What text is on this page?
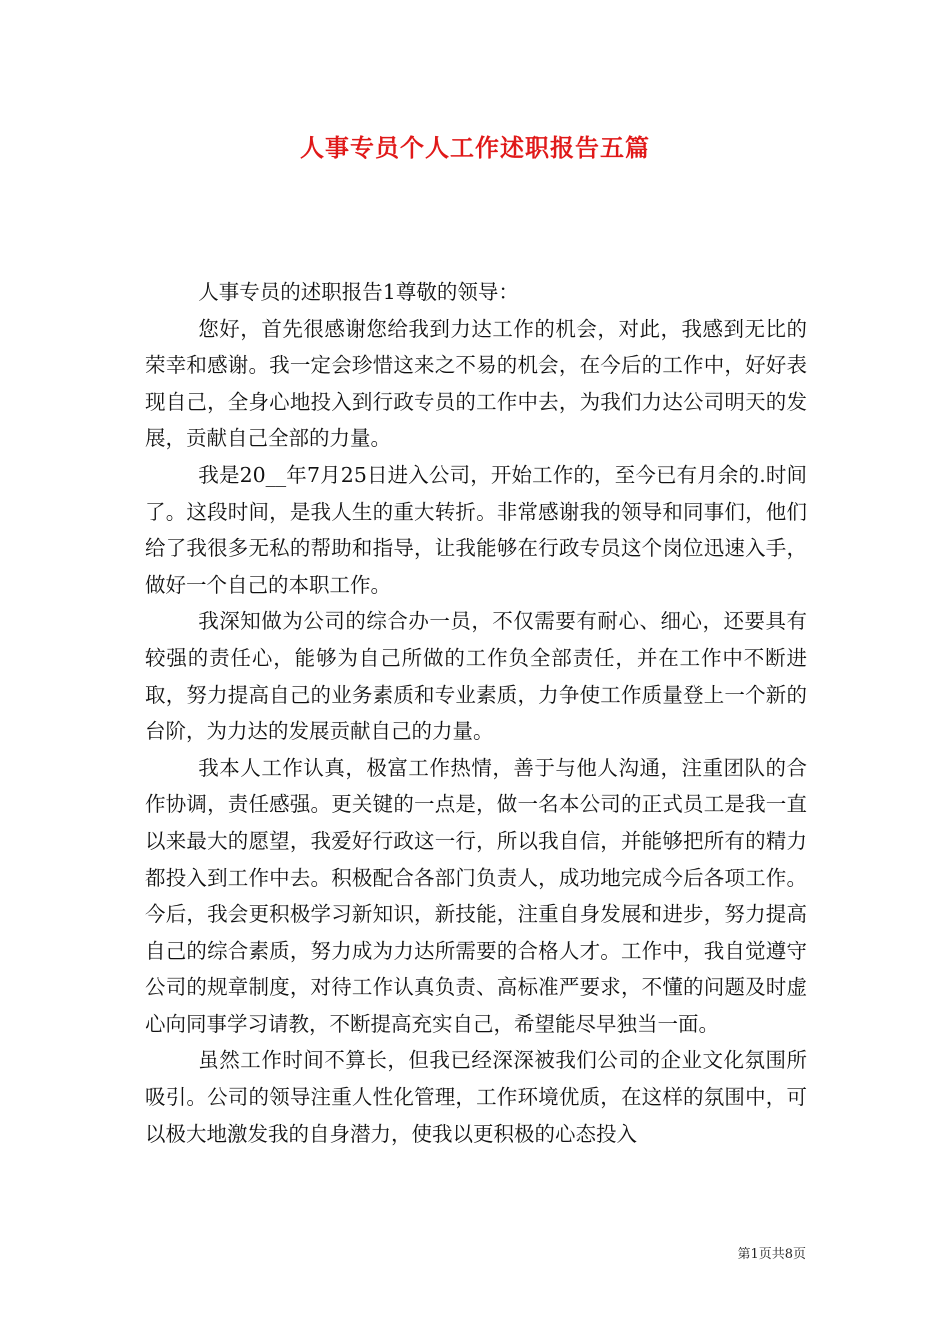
人事专员个人工作述职报告五篇

人事专员的述职报告1尊敬的领导：

您好，首先很感谢您给我到力达工作的机会，对此，我感到无比的荣幸和感谢。我一定会珍惜这来之不易的机会，在今后的工作中，好好表现自己，全身心地投入到行政专员的工作中去，为我们力达公司明天的发展，贡献自己全部的力量。

我是20__年7月25日进入公司，开始工作的，至今已有月余的.时间了。这段时间，是我人生的重大转折。非常感谢我的领导和同事们，他们给了我很多无私的帮助和指导，让我能够在行政专员这个岗位迅速入手，做好一个自己的本职工作。

我深知做为公司的综合办一员，不仅需要有耐心、细心，还要具有较强的责任心，能够为自己所做的工作负全部责任，并在工作中不断进取，努力提高自己的业务素质和专业素质，力争使工作质量登上一个新的台阶，为力达的发展贡献自己的力量。

我本人工作认真，极富工作热情，善于与他人沟通，注重团队的合作协调，责任感强。更关键的一点是，做一名本公司的正式员工是我一直以来最大的愿望，我爱好行政这一行，所以我自信，并能够把所有的精力都投入到工作中去。积极配合各部门负责人，成功地完成今后各项工作。今后，我会更积极学习新知识，新技能，注重自身发展和进步，努力提高自己的综合素质，努力成为力达所需要的合格人才。工作中，我自觉遵守公司的规章制度，对待工作认真负责、高标准严要求，不懂的问题及时虚心向同事学习请教，不断提高充实自己，希望能尽早独当一面。

虽然工作时间不算长，但我已经深深被我们公司的企业文化氛围所吸引。公司的领导注重人性化管理，工作环境优质，在这样的氛围中，可以极大地激发我的自身潜力，使我以更积极的心态投入

第1页共8页
